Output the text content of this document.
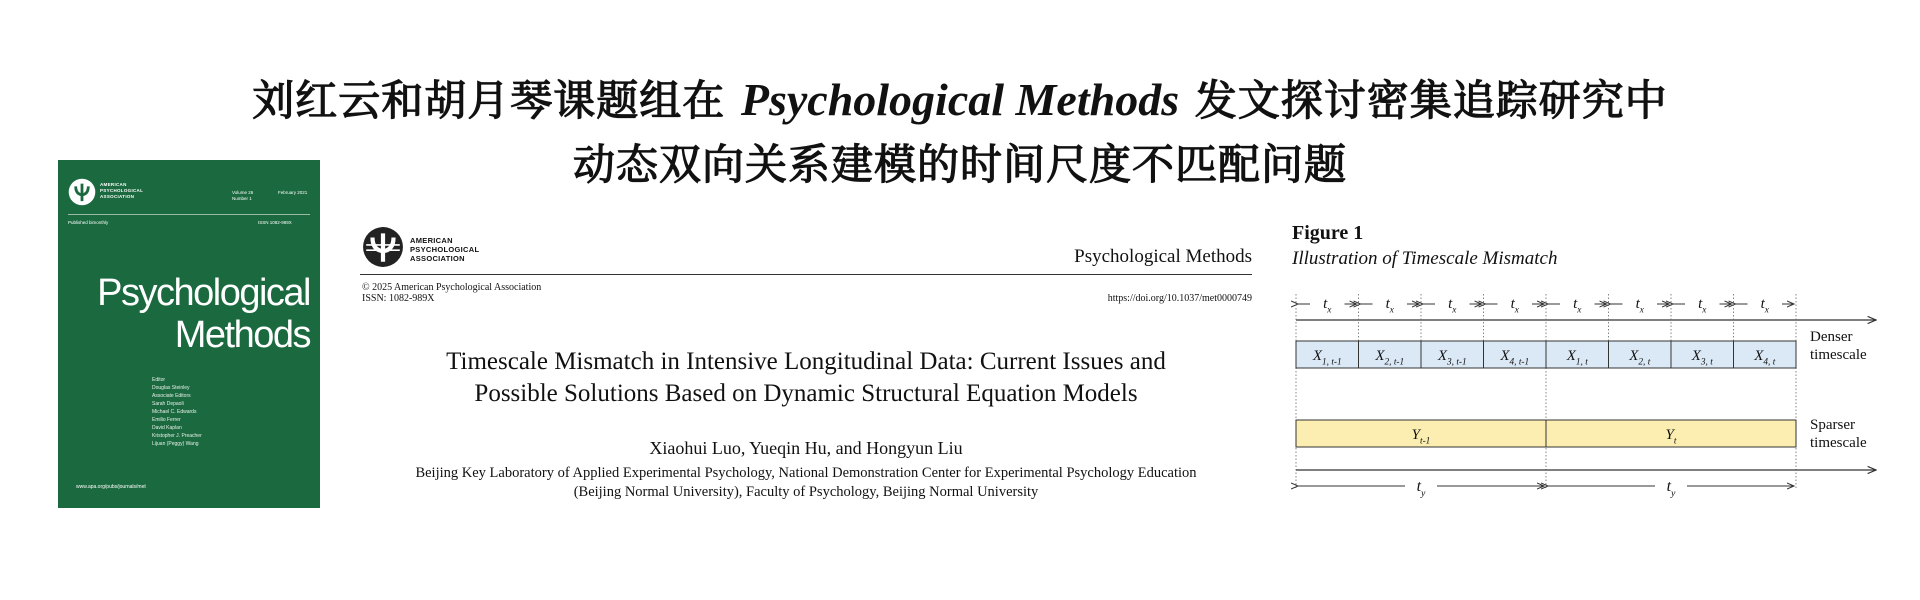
刘红云和胡月琴课题组在 Psychological Methods 发文探讨密集追踪研究中
动态双向关系建模的时间尺度不匹配问题
AMERICAN
PSYCHOLOGICAL
ASSOCIATION
Volume 26
Number 1
February 2021
Published bimonthly	ISSN 1082-989X
Psychological
Methods
Editor
Douglas Steinley
Associate Editors
Sarah Depaoli
Michael C. Edwards
Emilio Ferrer
David Kaplan
Kristopher J. Preacher
Lijuan (Peggy) Wang
www.apa.org/pubs/journals/met
AMERICAN
PSYCHOLOGICAL
ASSOCIATION	Psychological Methods
© 2025 American Psychological Association
ISSN: 1082-989X	https://doi.org/10.1037/met0000749
Timescale Mismatch in Intensive Longitudinal Data: Current Issues and
Possible Solutions Based on Dynamic Structural Equation Models
Xiaohui Luo, Yueqin Hu, and Hongyun Liu
Beijing Key Laboratory of Applied Experimental Psychology, National Demonstration Center for Experimental Psychology Education
(Beijing Normal University), Faculty of Psychology, Beijing Normal University
$t_x$	$t_x$	$t_x$	$t_x$	$t_x$	$t_x$	$t_x$	$t_x$
$X_{1, t-1}$ $X_{2, t-1}$ $X_{3, t-1}$ $X_{4, t-1}$	$X_{1, t}$	$X_{2, t}$	$X_{3, t}$	$X_{4, t}$
$Y_{t-1}$	$Y_t$
$t_y$	$t_y$
Figure 1
Illustration of Timescale Mismatch
Denser
timescale
Sparser
timescale
